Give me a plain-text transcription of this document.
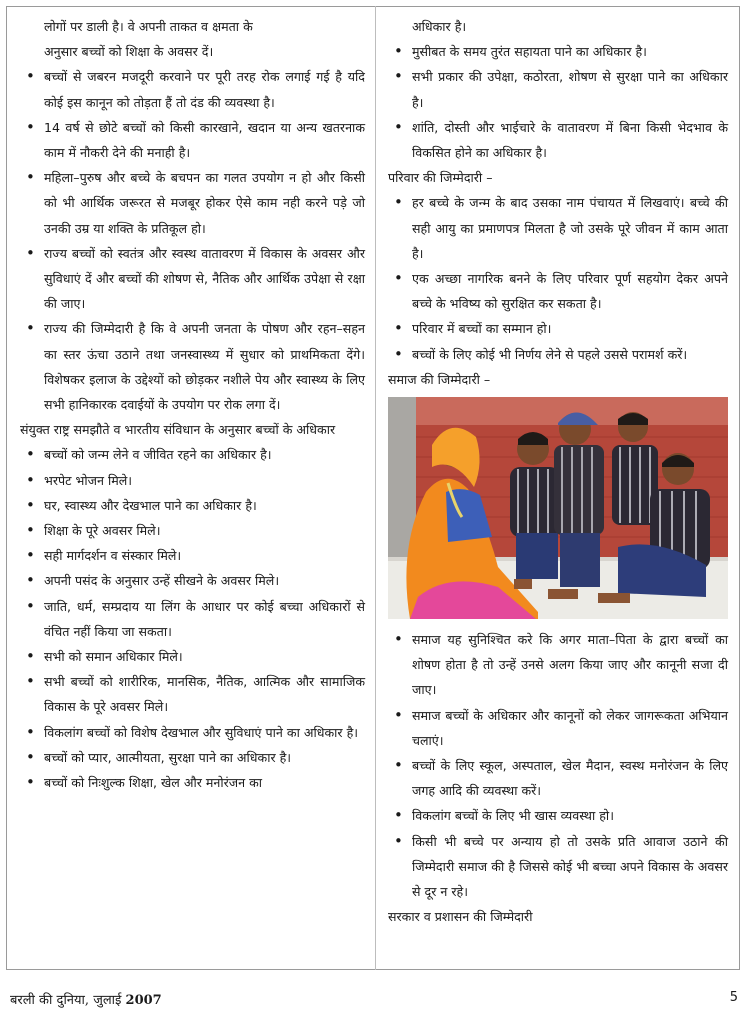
लोगों पर डाली है। वे अपनी ताकत व क्षमता के
अनुसार बच्चों को शिक्षा के अवसर दें।
• बच्चों से जबरन मजदूरी करवाने पर पूरी तरह रोक लगाई गई है यदि कोई इस कानून को तोड़ता हैं तो दंड की व्यवस्था है।
• 14 वर्ष से छोटे बच्चों को किसी कारखाने, खदान या अन्य खतरनाक काम में नौकरी देने की मनाही है।
• महिला–पुरुष और बच्चे के बचपन का गलत उपयोग न हो और किसी को भी आर्थिक जरूरत से मजबूर होकर ऐसे काम नही करने पड़े जो उनकी उम्र या शक्ति के प्रतिकूल हो।
• राज्य बच्चों को स्वतंत्र और स्वस्थ वातावरण में विकास के अवसर और सुविधाएं दें और बच्चों की शोषण से, नैतिक और आर्थिक उपेक्षा से रक्षा की जाए।
• राज्य की जिम्मेदारी है कि वे अपनी जनता के पोषण और रहन–सहन का स्तर ऊंचा उठाने तथा जनस्वास्थ्य में सुधार को प्राथमिकता देंगे। विशेषकर इलाज के उद्देश्यों को छोड़कर नशीले पेय और स्वास्थ्य के लिए सभी हानिकारक दवाईयों के उपयोग पर रोक लगा दें।
संयुक्त राष्ट्र समझौते व भारतीय संविधान के अनुसार बच्चों के अधिकार
• बच्चों को जन्म लेने व जीवित रहने का अधिकार है।
• भरपेट भोजन मिले।
• घर, स्वास्थ्य और देखभाल पाने का अधिकार है।
• शिक्षा के पूरे अवसर मिले।
• सही मार्गदर्शन व संस्कार मिले।
• अपनी पसंद के अनुसार उन्हें सीखने के अवसर मिले।
• जाति, धर्म, सम्प्रदाय या लिंग के आधार पर कोई बच्चा अधिकारों से वंचित नहीं किया जा सकता।
• सभी को समान अधिकार मिले।
• सभी बच्चों को शारीरिक, मानसिक, नैतिक, आत्मिक और सामाजिक विकास के पूरे अवसर मिले।
• विकलांग बच्चों को विशेष देखभाल और सुविधाएं पाने का अधिकार है।
• बच्चों को प्यार, आत्मीयता, सुरक्षा पाने का अधिकार है।
• बच्चों को निःशुल्क शिक्षा, खेल और मनोरंजन का
अधिकार है।
• मुसीबत के समय तुरंत सहायता पाने का अधिकार है।
• सभी प्रकार की उपेक्षा, कठोरता, शोषण से सुरक्षा पाने का अधिकार है।
• शांति, दोस्ती और भाईचारे के वातावरण में बिना किसी भेदभाव के विकसित होने का अधिकार है।
परिवार की जिम्मेदारी –
• हर बच्चे के जन्म के बाद उसका नाम पंचायत में लिखवाएं। बच्चे की सही आयु का प्रमाणपत्र मिलता है जो उसके पूरे जीवन में काम आता है।
• एक अच्छा नागरिक बनने के लिए परिवार पूर्ण सहयोग देकर अपने बच्चे के भविष्य को सुरक्षित कर सकता है।
• परिवार में बच्चों का सम्मान हो।
• बच्चों के लिए कोई भी निर्णय लेने से पहले उससे परामर्श करें।
समाज की जिम्मेदारी –
• समाज यह सुनिश्चित करे कि अगर माता–पिता के द्वारा बच्चों का शोषण होता है तो उन्हें उनसे अलग किया जाए और कानूनी सजा दी जाए।
• समाज बच्चों के अधिकार और कानूनों को लेकर जागरूकता अभियान चलाएं।
• बच्चों के लिए स्कूल, अस्पताल, खेल मैदान, स्वस्थ मनोरंजन के लिए जगह आदि की व्यवस्था करें।
• विकलांग बच्चों के लिए भी खास व्यवस्था हो।
• किसी भी बच्चे पर अन्याय हो तो उसके प्रति आवाज उठाने की जिम्मेदारी समाज की है जिससे कोई भी बच्चा अपने विकास के अवसर से दूर न रहे।
सरकार व प्रशासन की जिम्मेदारी
बरली की दुनिया, जुलाई 2007	5
